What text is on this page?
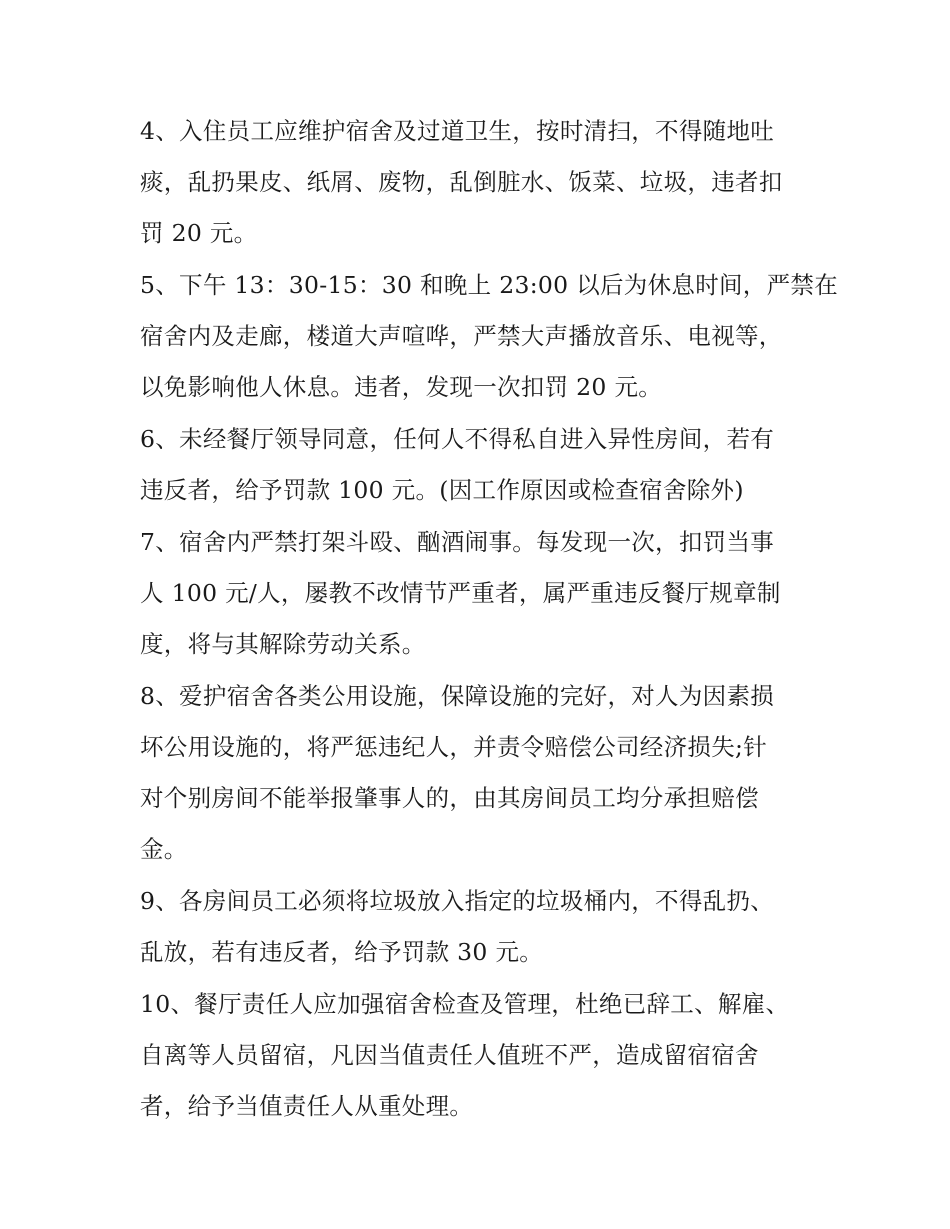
4、入住员工应维护宿舍及过道卫生，按时清扫，不得随地吐
痰，乱扔果皮、纸屑、废物，乱倒脏水、饭菜、垃圾，违者扣
罚 20 元。

5、下午 13：30-15：30 和晚上 23:00 以后为休息时间，严禁在
宿舍内及走廊，楼道大声喧哗，严禁大声播放音乐、电视等，
以免影响他人休息。违者，发现一次扣罚 20 元。

6、未经餐厅领导同意，任何人不得私自进入异性房间，若有
违反者，给予罚款 100 元。(因工作原因或检查宿舍除外)

7、宿舍内严禁打架斗殴、酗酒闹事。每发现一次，扣罚当事
人 100 元/人，屡教不改情节严重者，属严重违反餐厅规章制
度，将与其解除劳动关系。

8、爱护宿舍各类公用设施，保障设施的完好，对人为因素损
坏公用设施的，将严惩违纪人，并责令赔偿公司经济损失;针
对个别房间不能举报肇事人的，由其房间员工均分承担赔偿
金。

9、各房间员工必须将垃圾放入指定的垃圾桶内，不得乱扔、
乱放，若有违反者，给予罚款 30 元。

10、餐厅责任人应加强宿舍检查及管理，杜绝已辞工、解雇、
自离等人员留宿，凡因当值责任人值班不严，造成留宿宿舍
者，给予当值责任人从重处理。
